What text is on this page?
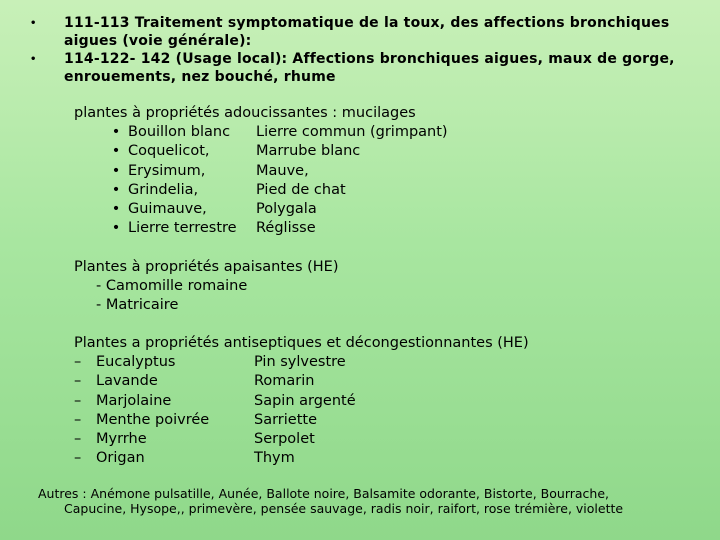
•	111-113 Traitement symptomatique de la toux, des affections bronchiques aigues (voie générale):
•	114-122- 142 (Usage local): Affections bronchiques aigues, maux de gorge, enrouements, nez bouché, rhume
plantes à propriétés adoucissantes : mucilages
• Bouillon blanc	Lierre commun (grimpant)
• Coquelicot,	Marrube blanc
• Erysimum,	Mauve,
• Grindelia,	Pied de chat
• Guimauve,	Polygala
• Lierre terrestre	Réglisse
Plantes à propriétés apaisantes (HE)
- Camomille romaine
- Matricaire
Plantes a propriétés antiseptiques et décongestionnantes (HE)
–	Eucalyptus	Pin sylvestre
–	Lavande	Romarin
–	Marjolaine	Sapin argenté
–	Menthe poivrée	Sarriette
–	Myrrhe	Serpolet
–	Origan	Thym
Autres : Anémone pulsatille, Aunée, Ballote noire, Balsamite odorante, Bistorte, Bourrache,
Capucine, Hysope,, primevère, pensée sauvage, radis noir, raifort, rose trémière, violette
